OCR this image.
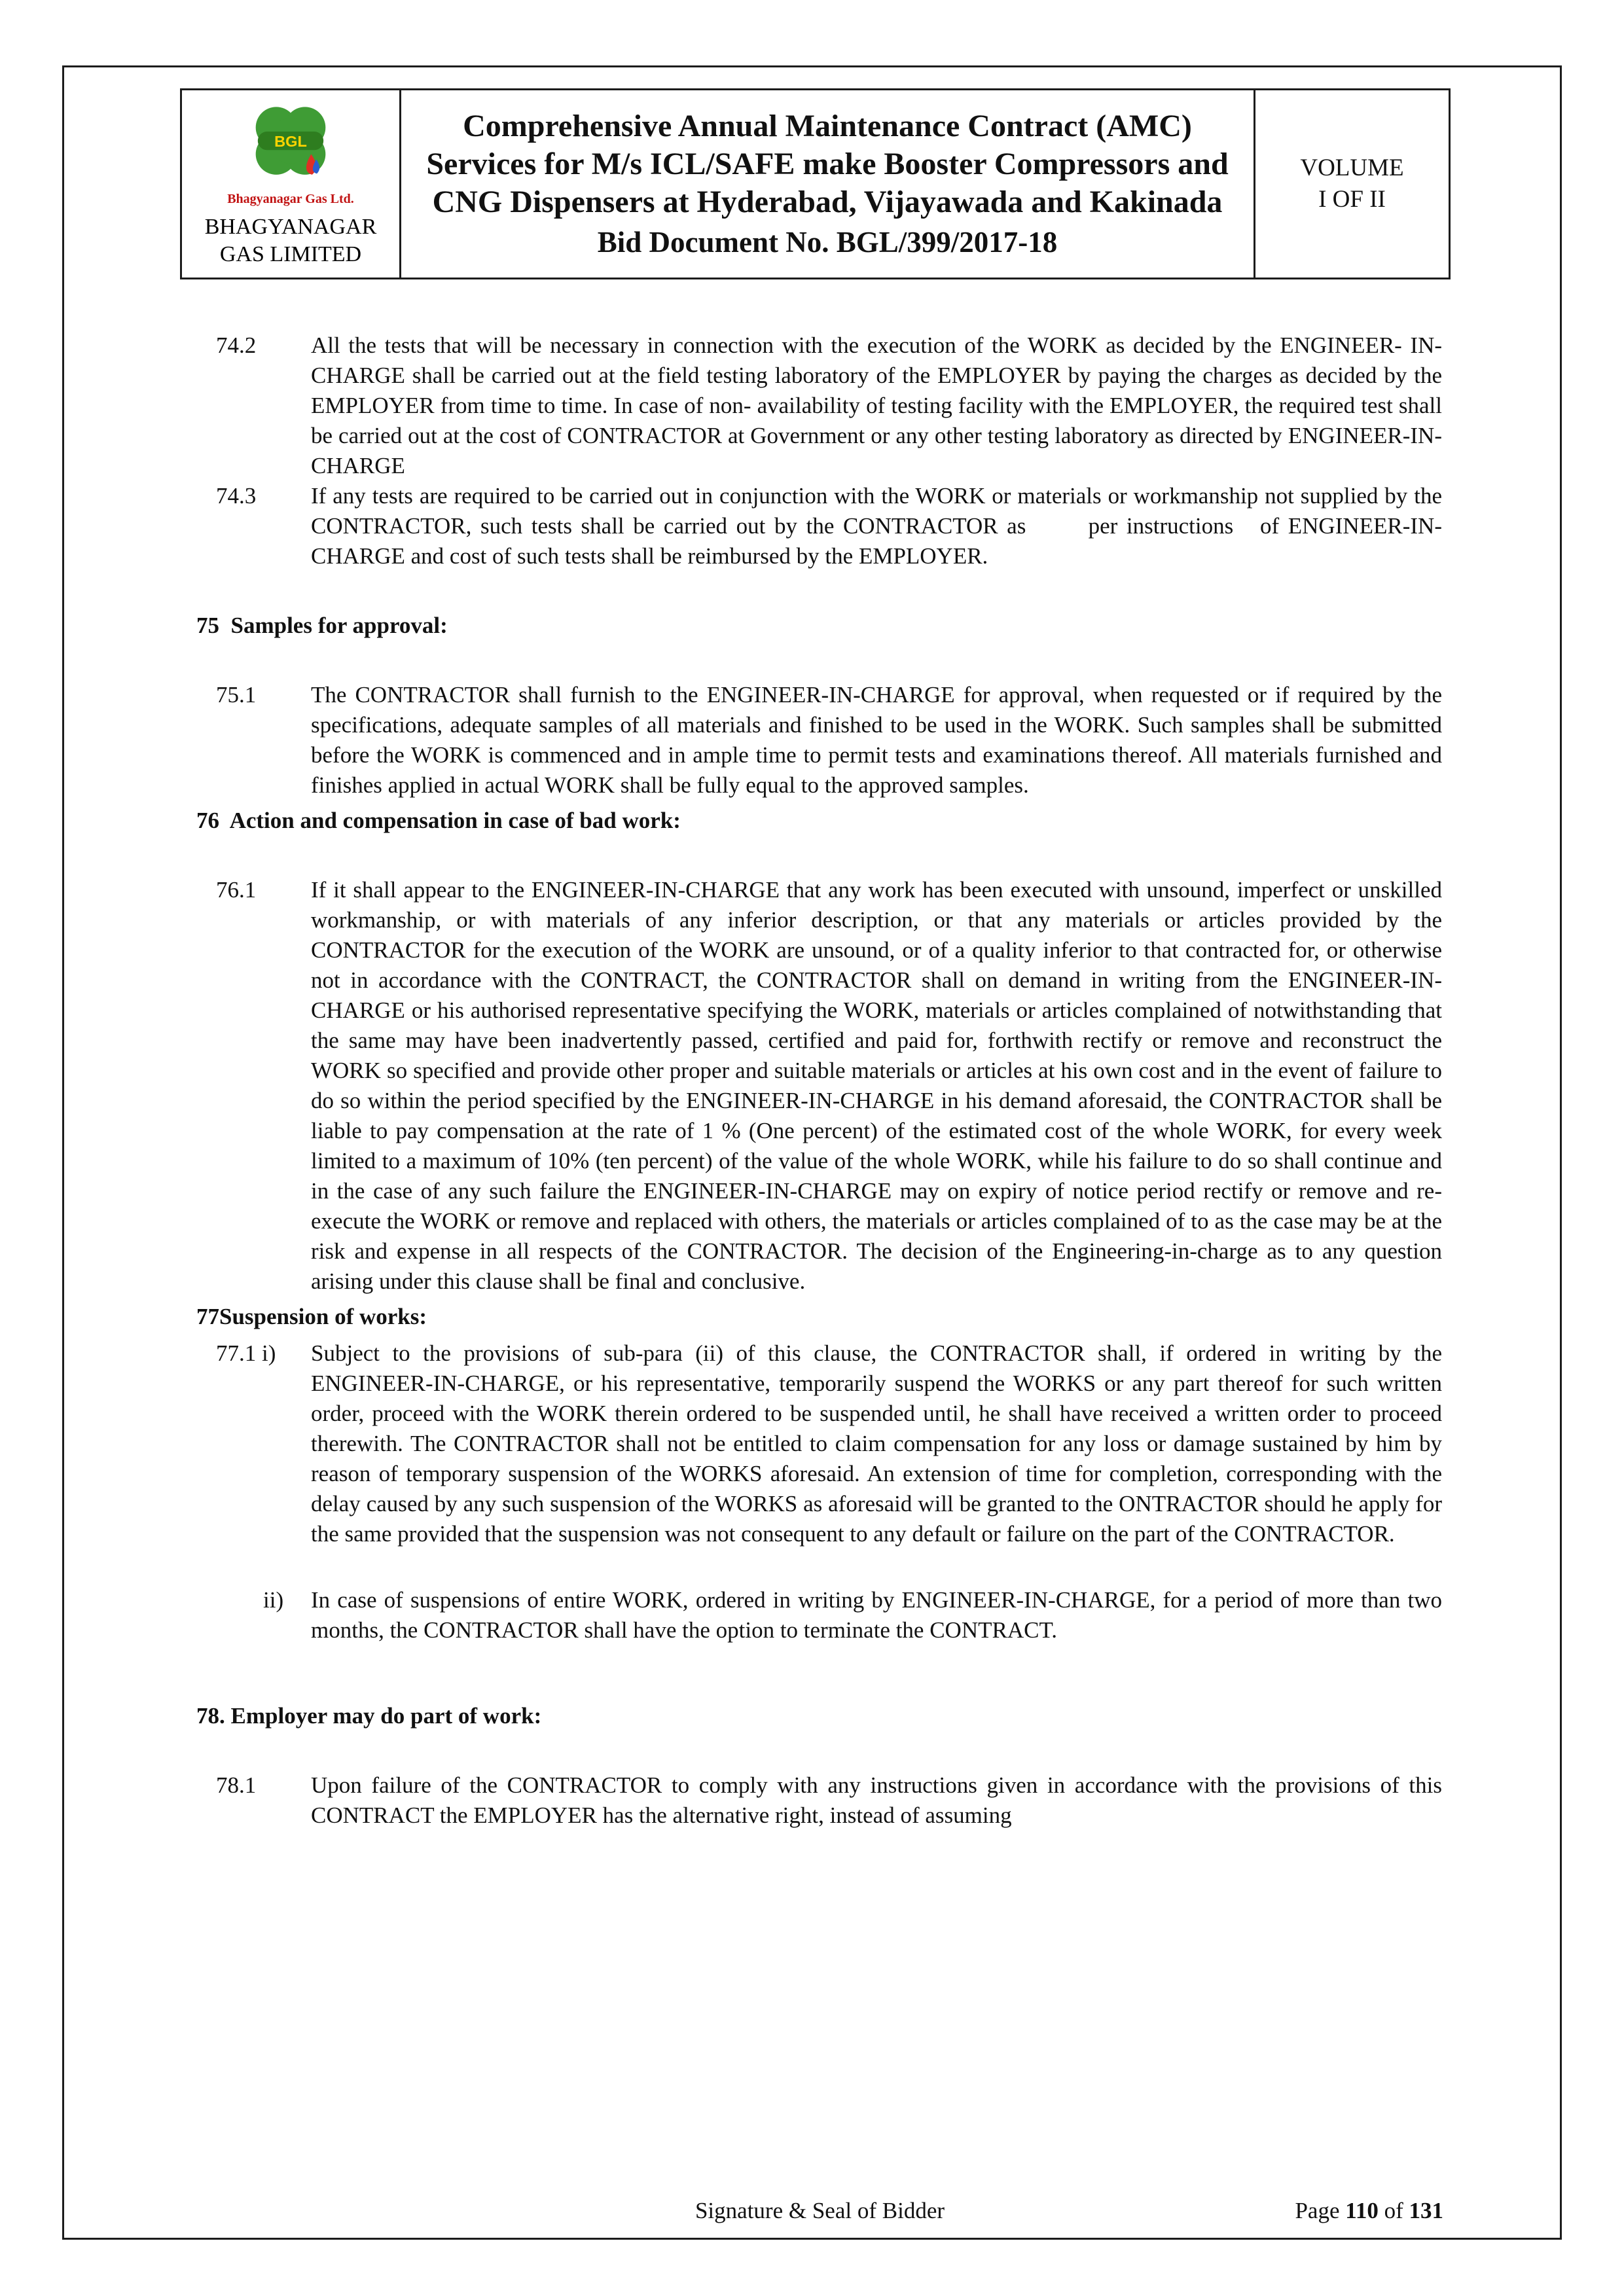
BGL
Bhagyanagar Gas Ltd.
BHAGYANAGAR
GAS LIMITED
Comprehensive Annual Maintenance Contract (AMC) Services for M/s ICL/SAFE make Booster Compressors and CNG Dispensers at Hyderabad, Vijayawada and Kakinada
Bid Document No. BGL/399/2017-18
VOLUME
I OF II
74.2	All the tests that will be necessary in connection with the execution of the WORK as decided by the ENGINEER- IN-CHARGE shall be carried out at the field testing laboratory of the EMPLOYER by paying the charges as decided by the EMPLOYER from time to time. In case of non- availability of testing facility with the EMPLOYER, the required test shall be carried out at the cost of CONTRACTOR at Government or any other testing laboratory as directed by ENGINEER-IN-CHARGE
74.3	If any tests are required to be carried out in conjunction with the WORK or materials or workmanship not supplied by the CONTRACTOR, such tests shall be carried out by the CONTRACTOR as       per instructions   of ENGINEER-IN-CHARGE and cost of such tests shall be reimbursed by the EMPLOYER.
75  Samples for approval:
75.1	The CONTRACTOR shall furnish to the ENGINEER-IN-CHARGE for approval, when requested or if required by the specifications, adequate samples of all materials and finished to be used in the WORK. Such samples shall be submitted before the WORK is commenced and in ample time to permit tests and examinations thereof. All materials furnished and finishes applied in actual WORK shall be fully equal to the approved samples.
76  Action and compensation in case of bad work:
76.1	If it shall appear to the ENGINEER-IN-CHARGE that any work has been executed with unsound, imperfect or unskilled workmanship, or with materials of any inferior description, or that any materials or articles provided by the CONTRACTOR for the execution of the WORK are unsound, or of a quality inferior to that contracted for, or otherwise not in accordance with the CONTRACT, the CONTRACTOR shall on demand in writing from the ENGINEER-IN-CHARGE or his authorised representative specifying the WORK, materials or articles complained of notwithstanding that the same may have been inadvertently passed, certified and paid for, forthwith rectify or remove and reconstruct the WORK so specified and provide other proper and suitable materials or articles at his own cost and in the event of failure to do so within the period specified by the ENGINEER-IN-CHARGE in his demand aforesaid, the CONTRACTOR shall be liable to pay compensation at the rate of 1 % (One percent) of the estimated cost of the whole WORK, for every week limited to a maximum of 10% (ten percent) of the value of the whole WORK, while his failure to do so shall continue and in the case of any such failure the ENGINEER-IN-CHARGE may on expiry of notice period rectify or remove and re-execute the WORK or remove and replaced with others, the materials or articles complained of to as the case may be at the risk and expense in all respects of the CONTRACTOR. The decision of the Engineering-in-charge as to any question arising under this clause shall be final and conclusive.
77Suspension of works:
77.1 i)	Subject to the provisions of sub-para (ii) of this clause, the CONTRACTOR shall, if ordered in writing by the ENGINEER-IN-CHARGE, or his representative, temporarily suspend the WORKS or any part thereof for such written order, proceed with the WORK therein ordered to be suspended until, he shall have received a written order to proceed therewith. The CONTRACTOR shall not be entitled to claim compensation for any loss or damage sustained by him by reason of temporary suspension of the WORKS aforesaid. An extension of time for completion, corresponding with the delay caused by any such suspension of the WORKS as aforesaid will be granted to the ONTRACTOR should he apply for the same provided that the suspension was not consequent to any default or failure on the part of the CONTRACTOR.
ii)	In case of suspensions of entire WORK, ordered in writing by ENGINEER-IN-CHARGE, for a period of more than two months, the CONTRACTOR shall have the option to terminate the CONTRACT.
78. Employer may do part of work:
78.1	Upon failure of the CONTRACTOR to comply with any instructions given in accordance with the provisions of this CONTRACT the EMPLOYER has the alternative right, instead of assuming
Signature & Seal of Bidder	Page 110 of 131
